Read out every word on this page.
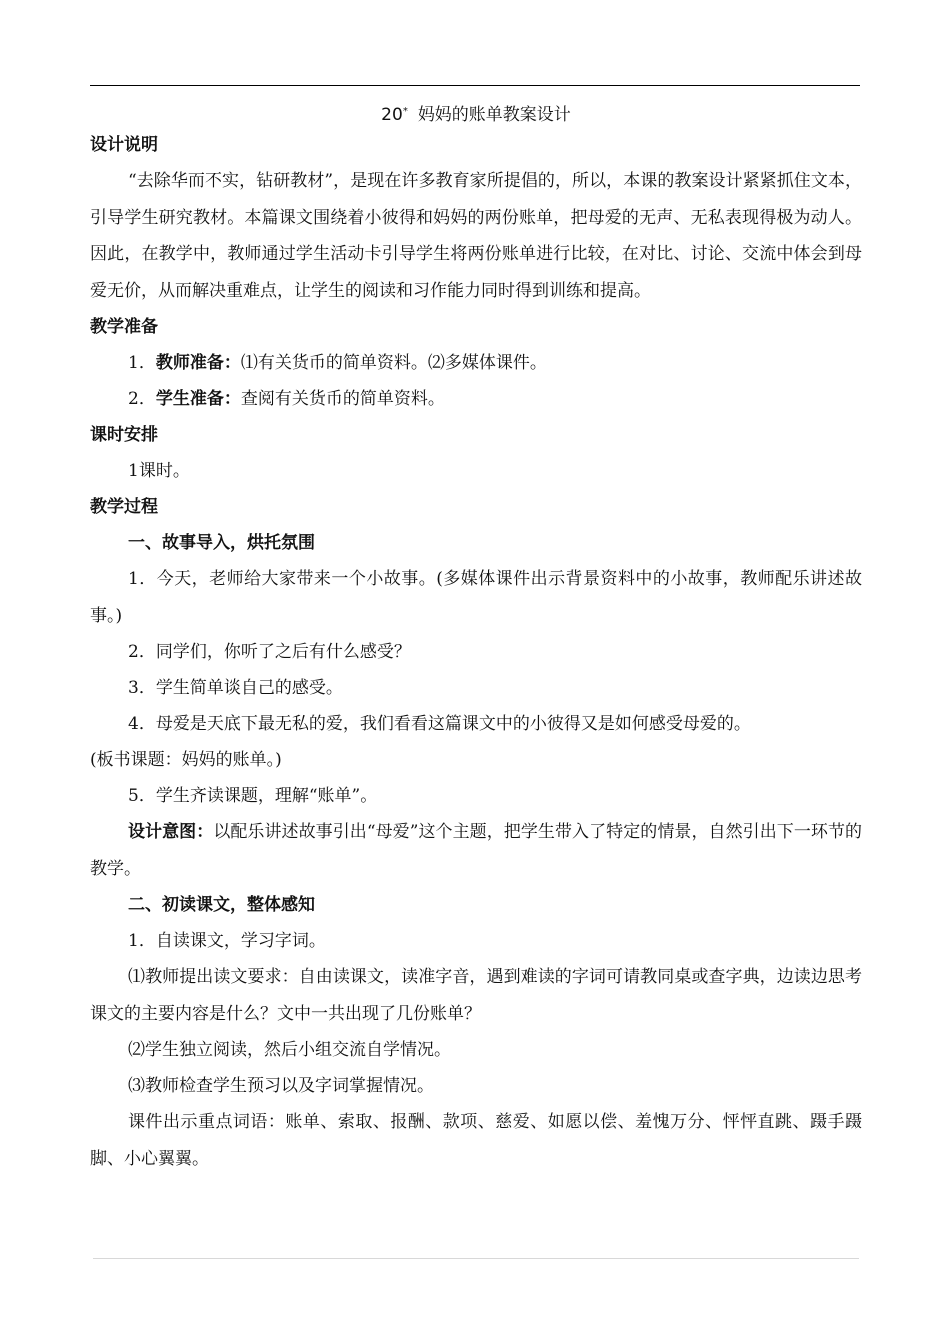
20* 妈妈的账单教案设计
设计说明

“去除华而不实，钻研教材”，是现在许多教育家所提倡的，所以，本课的教案设计紧紧抓住文本，引导学生研究教材。本篇课文围绕着小彼得和妈妈的两份账单，把母爱的无声、无私表现得极为动人。因此，在教学中，教师通过学生活动卡引导学生将两份账单进行比较，在对比、讨论、交流中体会到母爱无价，从而解决重难点，让学生的阅读和习作能力同时得到训练和提高。

教学准备
1．教师准备：⑴有关货币的简单资料。⑵多媒体课件。
2．学生准备：查阅有关货币的简单资料。
课时安排
1课时。
教学过程
一、故事导入，烘托氛围

1．今天，老师给大家带来一个小故事。(多媒体课件出示背景资料中的小故事，教师配乐讲述故事。)

2．同学们，你听了之后有什么感受？
3．学生简单谈自己的感受。
4．母爱是天底下最无私的爱，我们看看这篇课文中的小彼得又是如何感受母爱的。
(板书课题：妈妈的账单。)
5．学生齐读课题，理解“账单”。

设计意图：以配乐讲述故事引出“母爱”这个主题，把学生带入了特定的情景，自然引出下一环节的教学。

二、初读课文，整体感知
1．自读课文，学习字词。

⑴教师提出读文要求：自由读课文，读准字音，遇到难读的字词可请教同桌或查字典，边读边思考课文的主要内容是什么？文中一共出现了几份账单？

⑵学生独立阅读，然后小组交流自学情况。
⑶教师检查学生预习以及字词掌握情况。

课件出示重点词语：账单、索取、报酬、款项、慈爱、如愿以偿、羞愧万分、怦怦直跳、蹑手蹑脚、小心翼翼。
